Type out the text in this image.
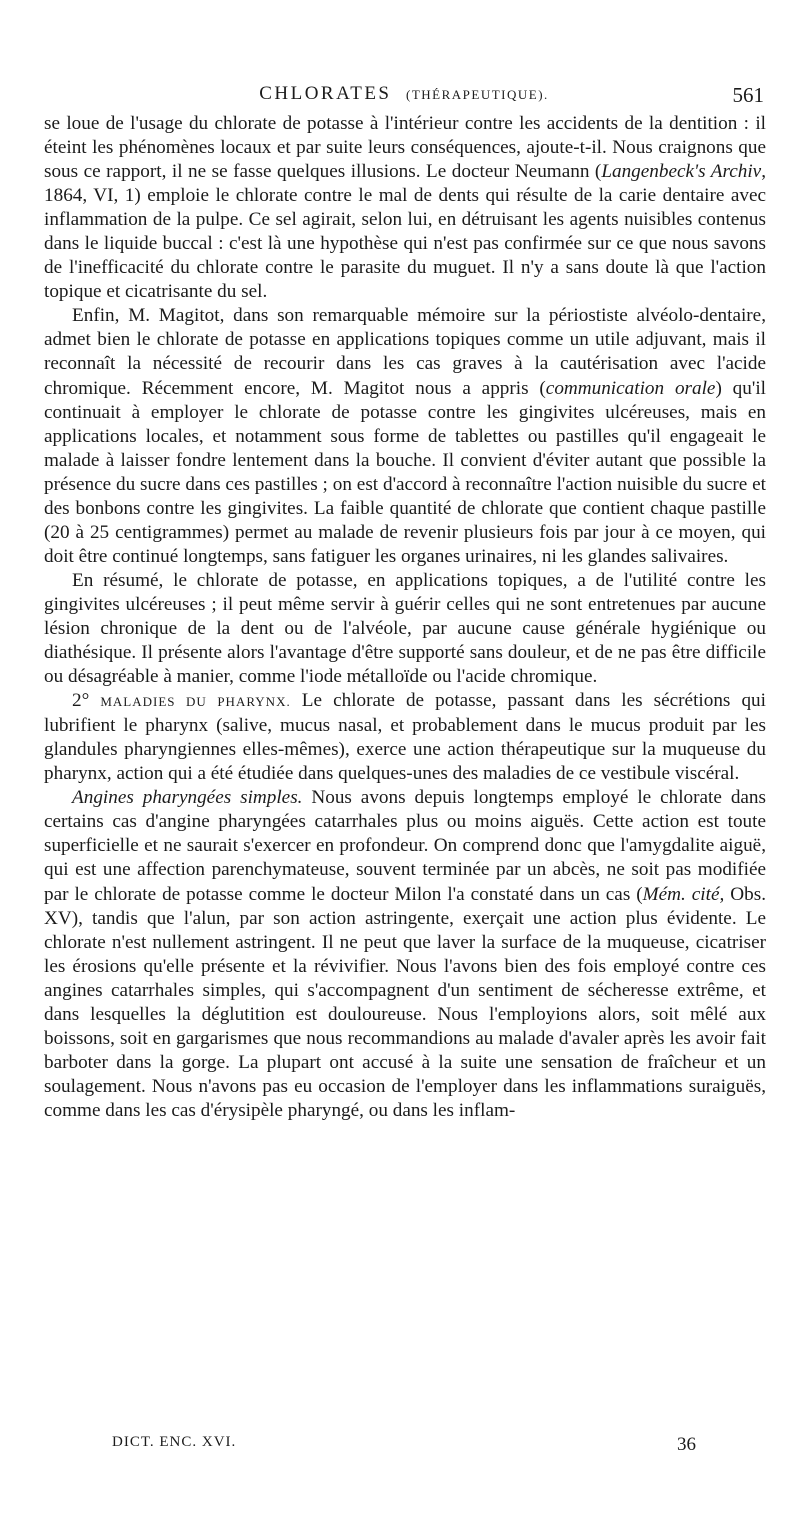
CHLORATES (THÉRAPEUTIQUE).	561

se loue de l'usage du chlorate de potasse à l'intérieur contre les accidents de la dentition : il éteint les phénomènes locaux et par suite leurs conséquences, ajoute-t-il. Nous craignons que sous ce rapport, il ne se fasse quelques illusions. Le docteur Neumann (Langenbeck's Archiv, 1864, VI, 1) emploie le chlorate contre le mal de dents qui résulte de la carie dentaire avec inflammation de la pulpe. Ce sel agirait, selon lui, en détruisant les agents nuisibles contenus dans le liquide buccal : c'est là une hypothèse qui n'est pas confirmée sur ce que nous savons de l'inefficacité du chlorate contre le parasite du muguet. Il n'y a sans doute là que l'action topique et cicatrisante du sel.

Enfin, M. Magitot, dans son remarquable mémoire sur la périostiste alvéolo-dentaire, admet bien le chlorate de potasse en applications topiques comme un utile adjuvant, mais il reconnaît la nécessité de recourir dans les cas graves à la cautérisation avec l'acide chromique. Récemment encore, M. Magitot nous a appris (communication orale) qu'il continuait à employer le chlorate de potasse contre les gingivites ulcéreuses, mais en applications locales, et notamment sous forme de tablettes ou pastilles qu'il engageait le malade à laisser fondre lentement dans la bouche. Il convient d'éviter autant que possible la présence du sucre dans ces pastilles ; on est d'accord à reconnaître l'action nuisible du sucre et des bonbons contre les gingivites. La faible quantité de chlorate que contient chaque pastille (20 à 25 centigrammes) permet au malade de revenir plusieurs fois par jour à ce moyen, qui doit être continué longtemps, sans fatiguer les organes urinaires, ni les glandes salivaires.

En résumé, le chlorate de potasse, en applications topiques, a de l'utilité contre les gingivites ulcéreuses ; il peut même servir à guérir celles qui ne sont entretenues par aucune lésion chronique de la dent ou de l'alvéole, par aucune cause générale hygiénique ou diathésique. Il présente alors l'avantage d'être supporté sans douleur, et de ne pas être difficile ou désagréable à manier, comme l'iode métalloïde ou l'acide chromique.

2° MALADIES DU PHARYNX. Le chlorate de potasse, passant dans les sécrétions qui lubrifient le pharynx (salive, mucus nasal, et probablement dans le mucus produit par les glandules pharyngiennes elles-mêmes), exerce une action thérapeutique sur la muqueuse du pharynx, action qui a été étudiée dans quelques-unes des maladies de ce vestibule viscéral.

Angines pharyngées simples. Nous avons depuis longtemps employé le chlorate dans certains cas d'angine pharyngées catarrhales plus ou moins aiguës. Cette action est toute superficielle et ne saurait s'exercer en profondeur. On comprend donc que l'amygdalite aiguë, qui est une affection parenchymateuse, souvent terminée par un abcès, ne soit pas modifiée par le chlorate de potasse comme le docteur Milon l'a constaté dans un cas (Mém. cité, Obs. XV), tandis que l'alun, par son action astringente, exerçait une action plus évidente. Le chlorate n'est nullement astringent. Il ne peut que laver la surface de la muqueuse, cicatriser les érosions qu'elle présente et la révivifier. Nous l'avons bien des fois employé contre ces angines catarrhales simples, qui s'accompagnent d'un sentiment de sécheresse extrême, et dans lesquelles la déglutition est douloureuse. Nous l'employions alors, soit mêlé aux boissons, soit en gargarismes que nous recommandions au malade d'avaler après les avoir fait barboter dans la gorge. La plupart ont accusé à la suite une sensation de fraîcheur et un soulagement. Nous n'avons pas eu occasion de l'employer dans les inflammations suraiguës, comme dans les cas d'érysipèle pharyngé, ou dans les inflam-

DICT. ENC. XVI.	36
